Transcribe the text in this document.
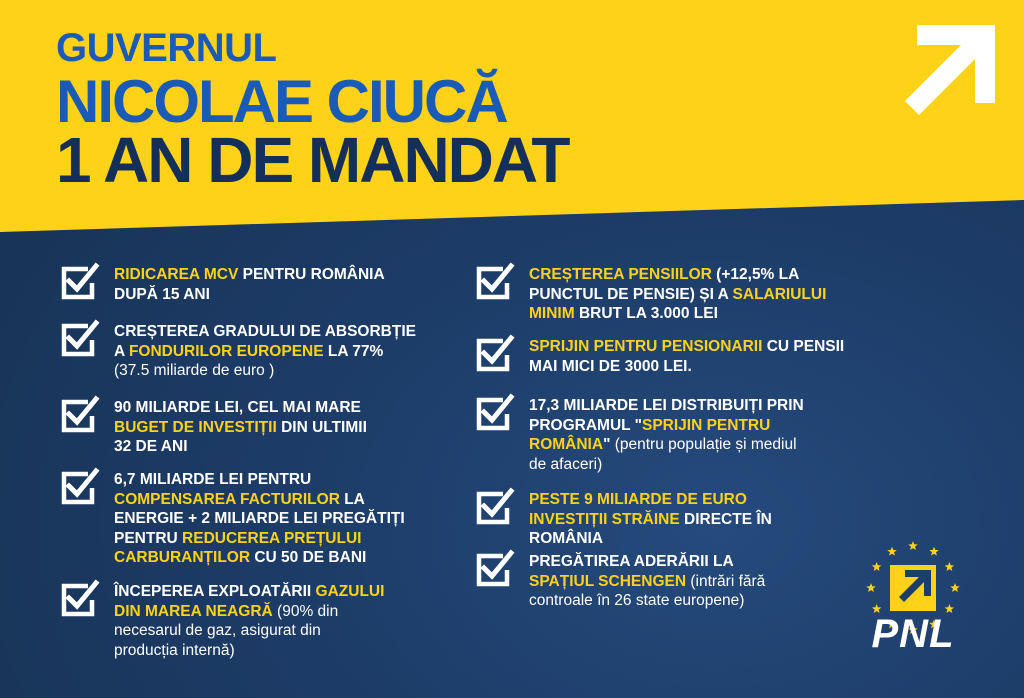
GUVERNUL
NICOLAE CIUCĂ
1 AN DE MANDAT
RIDICAREA MCV PENTRU ROMÂNIA
DUPĂ 15 ANI
CREȘTEREA GRADULUI DE ABSORBȚIE
A FONDURILOR EUROPENE LA 77%
(37.5 miliarde de euro )
90 MILIARDE LEI, CEL MAI MARE
BUGET DE INVESTIȚII DIN ULTIMII
32 DE ANI
6,7 MILIARDE LEI PENTRU
COMPENSAREA FACTURILOR LA
ENERGIE + 2 MILIARDE LEI PREGĂTIȚI
PENTRU REDUCEREA PREȚULUI
CARBURANȚILOR CU 50 DE BANI
ÎNCEPEREA EXPLOATĂRII GAZULUI
DIN MAREA NEAGRĂ (90% din
necesarul de gaz, asigurat din
producția internă)
CREȘTEREA PENSIILOR (+12,5% LA
PUNCTUL DE PENSIE) ȘI A SALARIULUI
MINIM BRUT LA 3.000 LEI
SPRIJIN PENTRU PENSIONARII CU PENSII
MAI MICI DE 3000 LEI.
17,3 MILIARDE LEI DISTRIBUIȚI PRIN
PROGRAMUL "SPRIJIN PENTRU
ROMÂNIA" (pentru populație și mediul
de afaceri)
PESTE 9 MILIARDE DE EURO
INVESTIȚII STRĂINE DIRECTE ÎN
ROMÂNIA
PREGĂTIREA ADERĂRII LA
SPAȚIUL SCHENGEN (intrări fără
controale în 26 state europene)
PNL
